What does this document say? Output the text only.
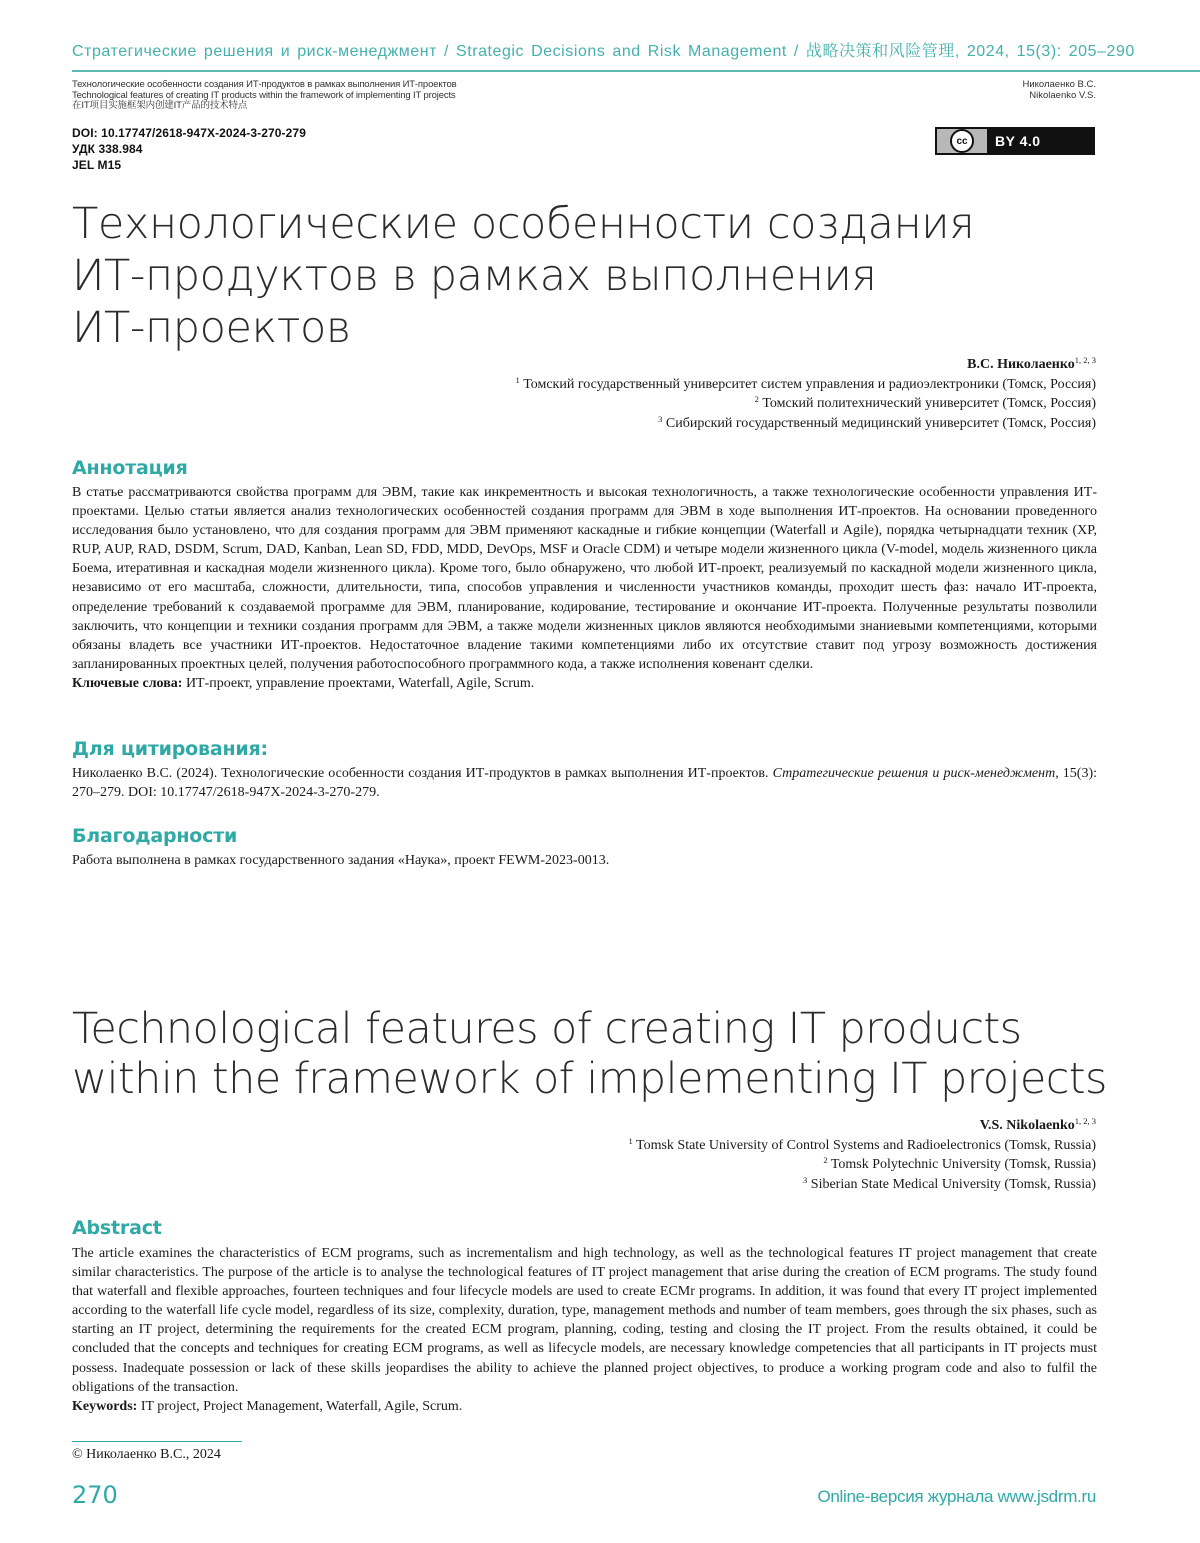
Стратегические решения и риск-менеджмент / Strategic Decisions and Risk Management / 战略决策和风险管理, 2024, 15(3): 205–290
Технологические особенности создания ИТ-продуктов в рамках выполнения ИТ-проектов
Technological features of creating IT products within the framework of implementing IT projects
在IT项目实施框架内创建IT产品的技术特点
Николаенко В.С.
Nikolaenko V.S.
DOI: 10.17747/2618-947X-2024-3-270-279
УДК 338.984
JEL M15
cc	BY 4.0
Технологические особенности создания
ИТ-продуктов в рамках выполнения
ИТ-проектов
В.С. Николаенко$^{1, 2, 3}$
$^1$ Томский государственный университет систем управления и радиоэлектроники (Томск, Россия)
$^2$ Томский политехнический университет (Томск, Россия)
$^3$ Сибирский государственный медицинский университет (Томск, Россия)
Аннотация

В статье рассматриваются свойства программ для ЭВМ, такие как инкрементность и высокая технологичность, а также технологические особенности управления ИТ-проектами. Целью статьи является анализ технологических особенностей создания программ для ЭВМ в ходе выполнения ИТ-проектов. На основании проведенного исследования было установлено, что для создания программ для ЭВМ применяют каскадные и гибкие концепции (Waterfall и Agile), порядка четырнадцати техник (XP, RUP, AUP, RAD, DSDM, Scrum, DAD, Kanban, Lean SD, FDD, MDD, DevOps, MSF и Oracle CDM) и четыре модели жизненного цикла (V-model, модель жизненного цикла Боема, итеративная и каскадная модели жизненного цикла). Кроме того, было обнаружено, что любой ИТ-проект, реализуемый по каскадной модели жизненного цикла, независимо от его масштаба, сложности, длительности, типа, способов управления и численности участников команды, проходит шесть фаз: начало ИТ-проекта, определение требований к создаваемой программе для ЭВМ, планирование, кодирование, тестирование и окончание ИТ-проекта. Полученные результаты позволили заключить, что концепции и техники создания программ для ЭВМ, а также модели жизненных циклов являются необходимыми знаниевыми компетенциями, которыми обязаны владеть все участники ИТ-проектов. Недостаточное владение такими компетенциями либо их отсутствие ставит под угрозу возможность достижения запланированных проектных целей, получения работоспособного программного кода, а также исполнения ковенант сделки.
Ключевые слова: ИТ-проект, управление проектами, Waterfall, Agile, Scrum.

Для цитирования:

Николаенко В.С. (2024). Технологические особенности создания ИТ-продуктов в рамках выполнения ИТ-проектов. Стратегические решения и риск-менеджмент, 15(3): 270–279. DOI: 10.17747/2618-947X-2024-3-270-279.

Благодарности

Работа выполнена в рамках государственного задания «Наука», проект FEWM-2023-0013.

Technological features of creating IT products
within the framework of implementing IT projects
V.S. Nikolaenko$^{1, 2, 3}$
$^1$ Tomsk State University of Control Systems and Radioelectronics (Tomsk, Russia)
$^2$ Tomsk Polytechnic University (Tomsk, Russia)
$^3$ Siberian State Medical University (Tomsk, Russia)
Abstract

The article examines the characteristics of ECM programs, such as incrementalism and high technology, as well as the technological features IT project management that create similar characteristics. The purpose of the article is to analyse the technological features of IT project management that arise during the creation of ECM programs. The study found that waterfall and flexible approaches, fourteen techniques and four lifecycle models are used to create ECMr programs. In addition, it was found that every IT project implemented according to the waterfall life cycle model, regardless of its size, complexity, duration, type, management methods and number of team members, goes through the six phases, such as starting an IT project, determining the requirements for the created ECM program, planning, coding, testing and closing the IT project. From the results obtained, it could be concluded that the concepts and techniques for creating ECM programs, as well as lifecycle models, are necessary knowledge competencies that all participants in IT projects must possess. Inadequate possession or lack of these skills jeopardises the ability to achieve the planned project objectives, to produce a working program code and also to fulfil the obligations of the transaction.
Keywords: IT project, Project Management, Waterfall, Agile, Scrum.

© Николаенко В.С., 2024
270	Online-версия журнала www.jsdrm.ru
